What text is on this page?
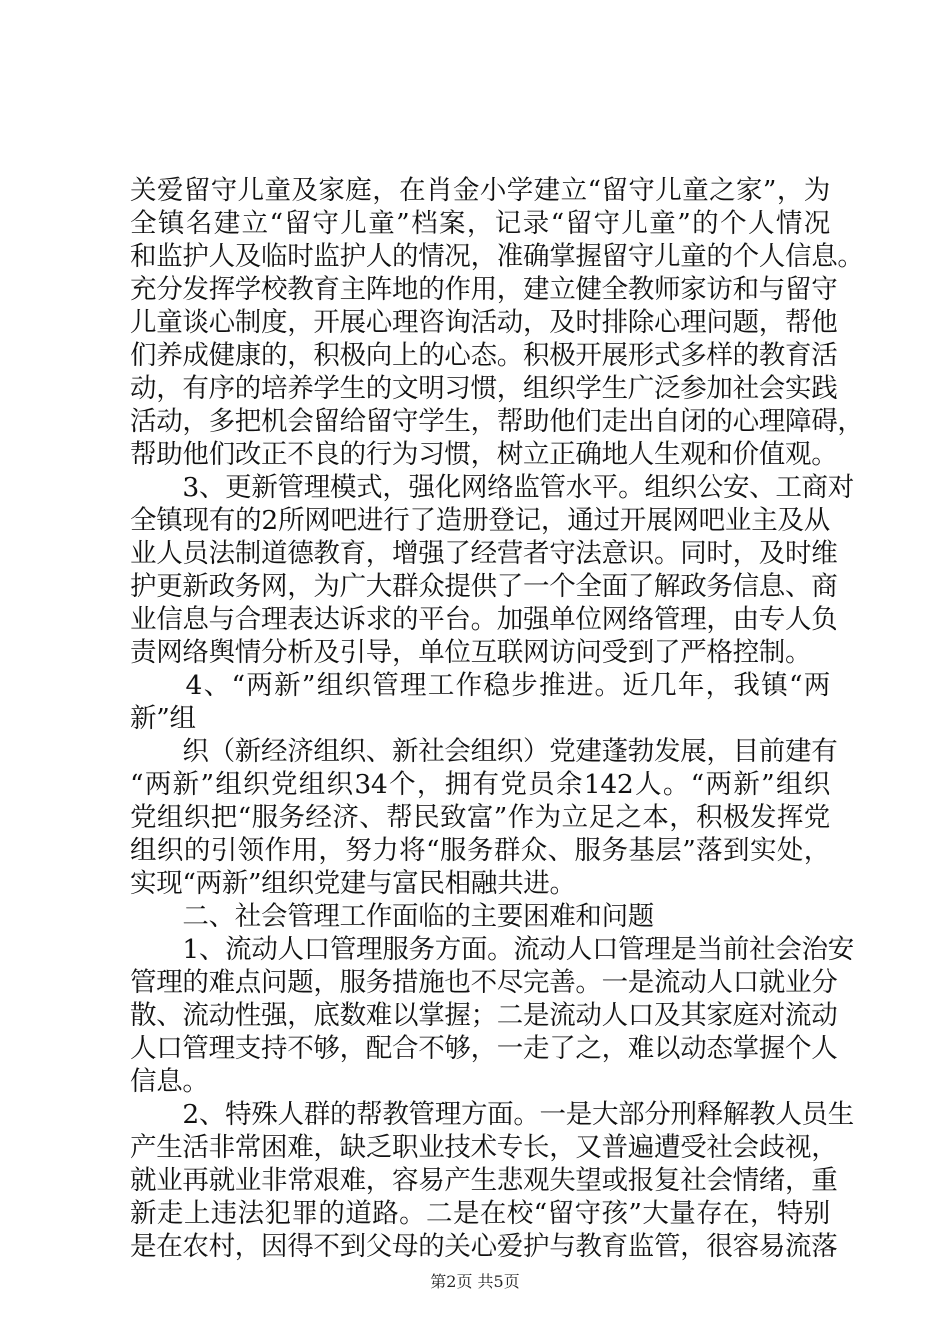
关爱留守儿童及家庭，在肖金小学建立“留守儿童之家”，为
全镇名建立“留守儿童”档案，记录“留守儿童”的个人情况
和监护人及临时监护人的情况，准确掌握留守儿童的个人信息。
充分发挥学校教育主阵地的作用，建立健全教师家访和与留守
儿童谈心制度，开展心理咨询活动，及时排除心理问题，帮他
们养成健康的，积极向上的心态。积极开展形式多样的教育活
动，有序的培养学生的文明习惯，组织学生广泛参加社会实践
活动，多把机会留给留守学生，帮助他们走出自闭的心理障碍，
帮助他们改正不良的行为习惯，树立正确地人生观和价值观。
　　3、更新管理模式，强化网络监管水平。组织公安、工商对
全镇现有的2所网吧进行了造册登记，通过开展网吧业主及从
业人员法制道德教育，增强了经营者守法意识。同时，及时维
护更新政务网，为广大群众提供了一个全面了解政务信息、商
业信息与合理表达诉求的平台。加强单位网络管理，由专人负
责网络舆情分析及引导，单位互联网访问受到了严格控制。
　　4、“两新”组织管理工作稳步推进。近几年，我镇“两
新”组
　　织（新经济组织、新社会组织）党建蓬勃发展，目前建有
“两新”组织党组织34个，拥有党员余142人。“两新”组织
党组织把“服务经济、帮民致富”作为立足之本，积极发挥党
组织的引领作用，努力将“服务群众、服务基层”落到实处，
实现“两新”组织党建与富民相融共进。
　　二、社会管理工作面临的主要困难和问题
　　1、流动人口管理服务方面。流动人口管理是当前社会治安
管理的难点问题，服务措施也不尽完善。一是流动人口就业分
散、流动性强，底数难以掌握；二是流动人口及其家庭对流动
人口管理支持不够，配合不够，一走了之，难以动态掌握个人
信息。
　　2、特殊人群的帮教管理方面。一是大部分刑释解教人员生
产生活非常困难，缺乏职业技术专长，又普遍遭受社会歧视，
就业再就业非常艰难，容易产生悲观失望或报复社会情绪，重
新走上违法犯罪的道路。二是在校“留守孩”大量存在，特别
是在农村，因得不到父母的关心爱护与教育监管，很容易流落
第2页 共5页
